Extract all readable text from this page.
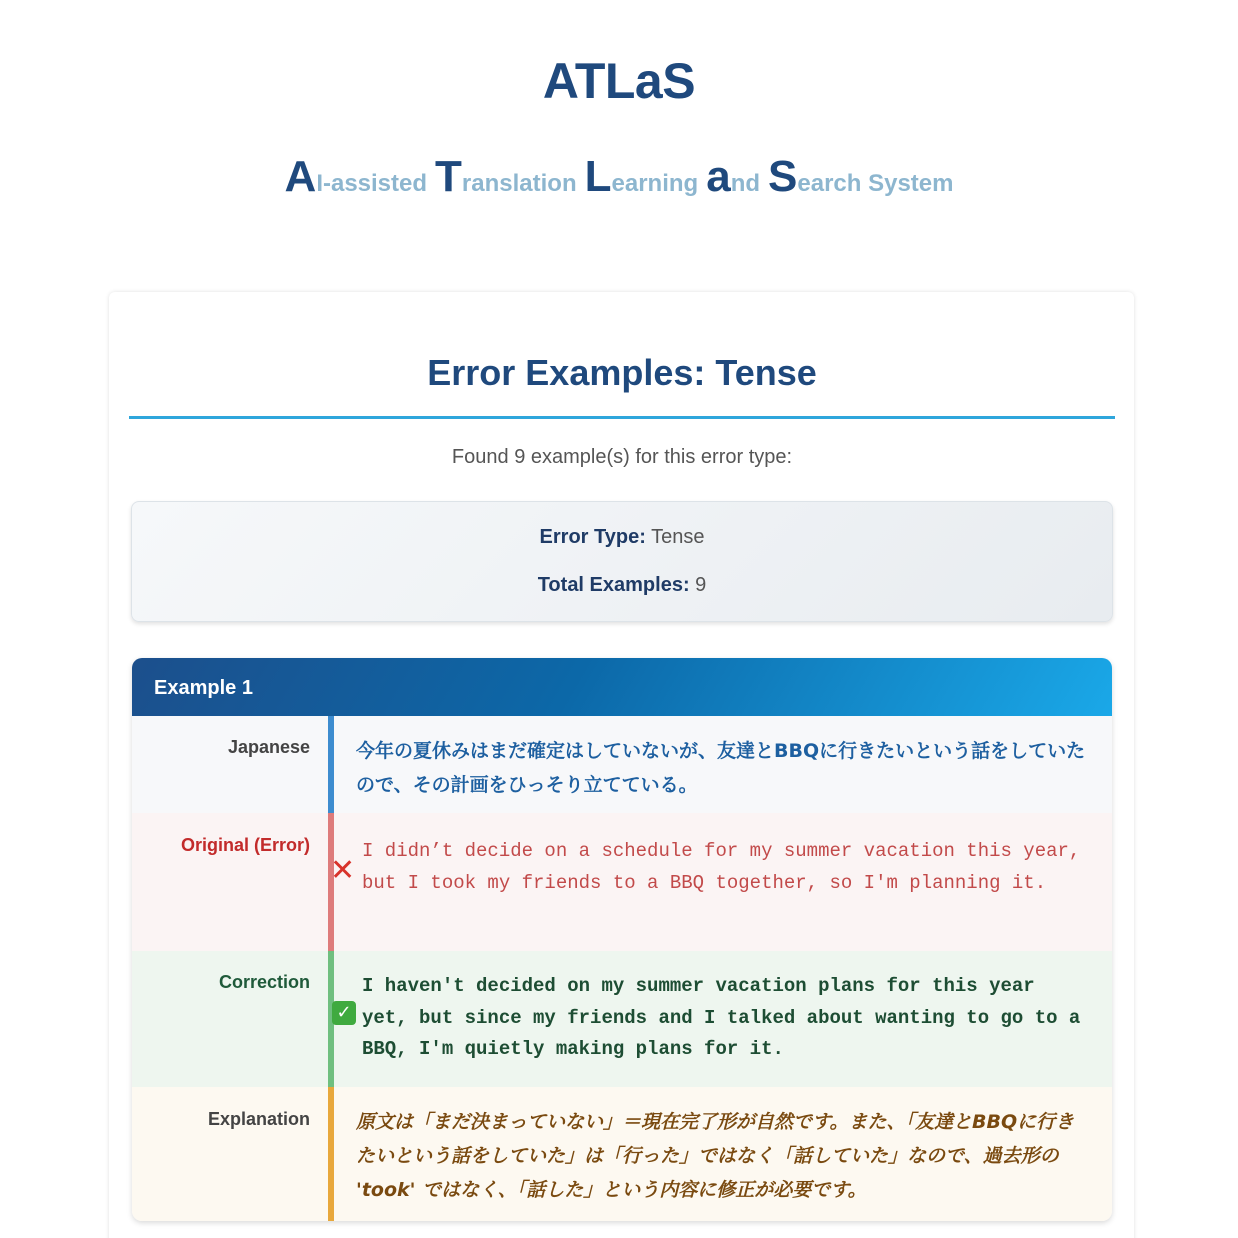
ATLaS
AI-assisted Translation Learning and Search System
Error Examples: Tense
Found 9 example(s) for this error type:
Error Type: Tense
Total Examples: 9
Example 1
Japanese	今年の夏休みはまだ確定はしていないが、友達とBBQに行きたいという話をしていたので、その計画をひっそり立てている。
Original (Error)
✕
I didn’t decide on a schedule for my summer vacation this year, but I took my friends to a BBQ together, so I'm planning it.
Correction
✓
I haven't decided on my summer vacation plans for this year yet, but since my friends and I talked about wanting to go to a BBQ, I'm quietly making plans for it.
Explanation	原文は「まだ決まっていない」＝現在完了形が自然です。また、「友達とBBQに行きたいという話をしていた」は「行った」ではなく「話していた」なので、過去形の 'took' ではなく、「話した」という内容に修正が必要です。
